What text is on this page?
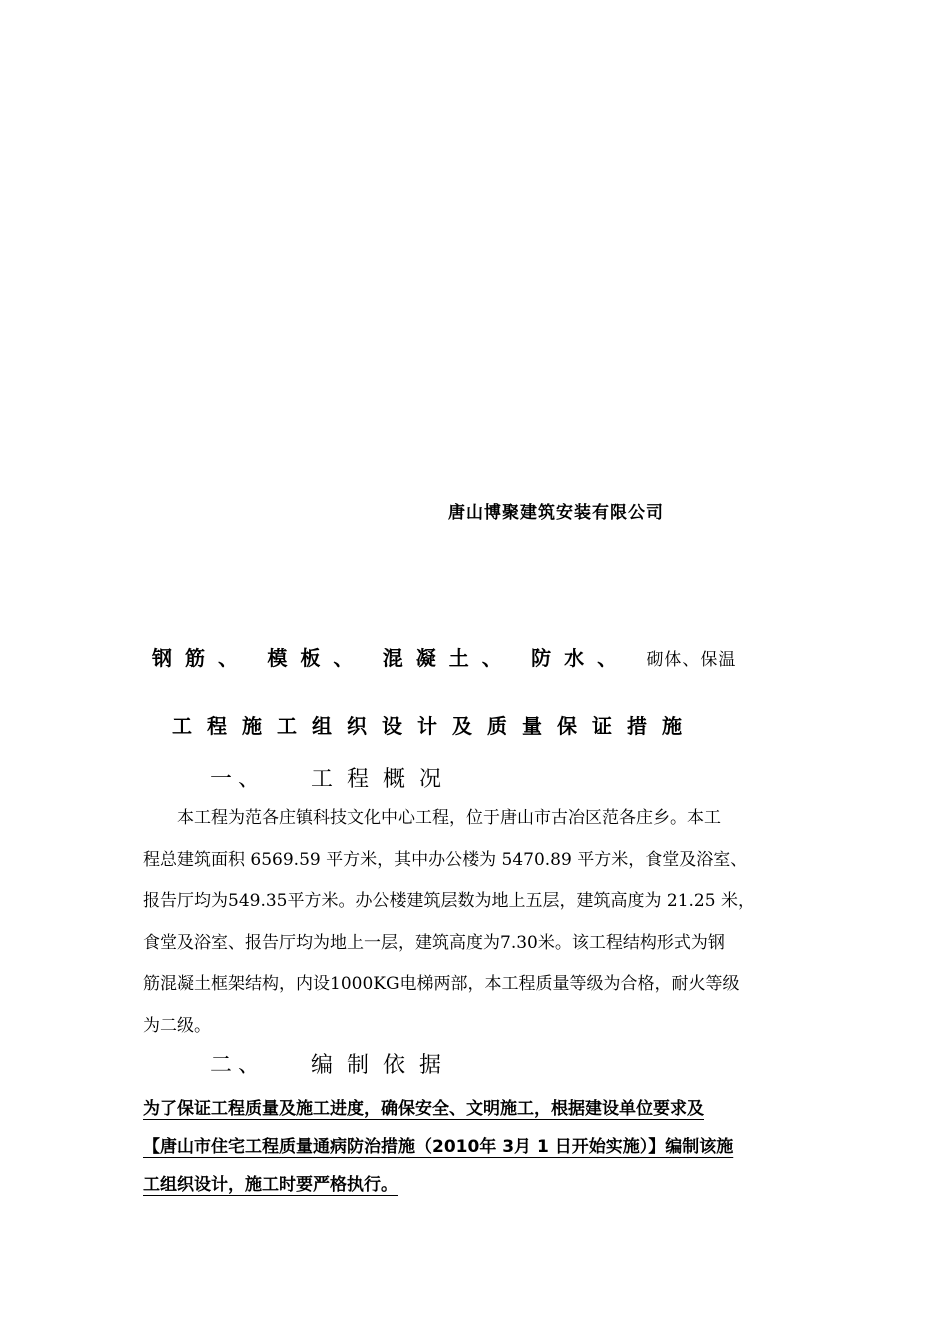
唐山博聚建筑安装有限公司
钢筋、 模板、 混凝土、 防水、 砌体、保温
工程施工组织设计及质量保证措施
一、 工程概况
　　本工程为范各庄镇科技文化中心工程，位于唐山市古冶区范各庄乡。本工
程总建筑面积 6569.59 平方米，其中办公楼为 5470.89 平方米，食堂及浴室、
报告厅均为549.35平方米。办公楼建筑层数为地上五层，建筑高度为 21.25 米，
食堂及浴室、报告厅均为地上一层，建筑高度为7.30米。该工程结构形式为钢
筋混凝土框架结构，内设1000KG电梯两部，本工程质量等级为合格，耐火等级
为二级。
二、 编制依据
为了保证工程质量及施工进度，确保安全、文明施工，根据建设单位要求及
【唐山市住宅工程质量通病防治措施（2010年 3月 1 日开始实施）】编制该施
工组织设计，施工时要严格执行。
